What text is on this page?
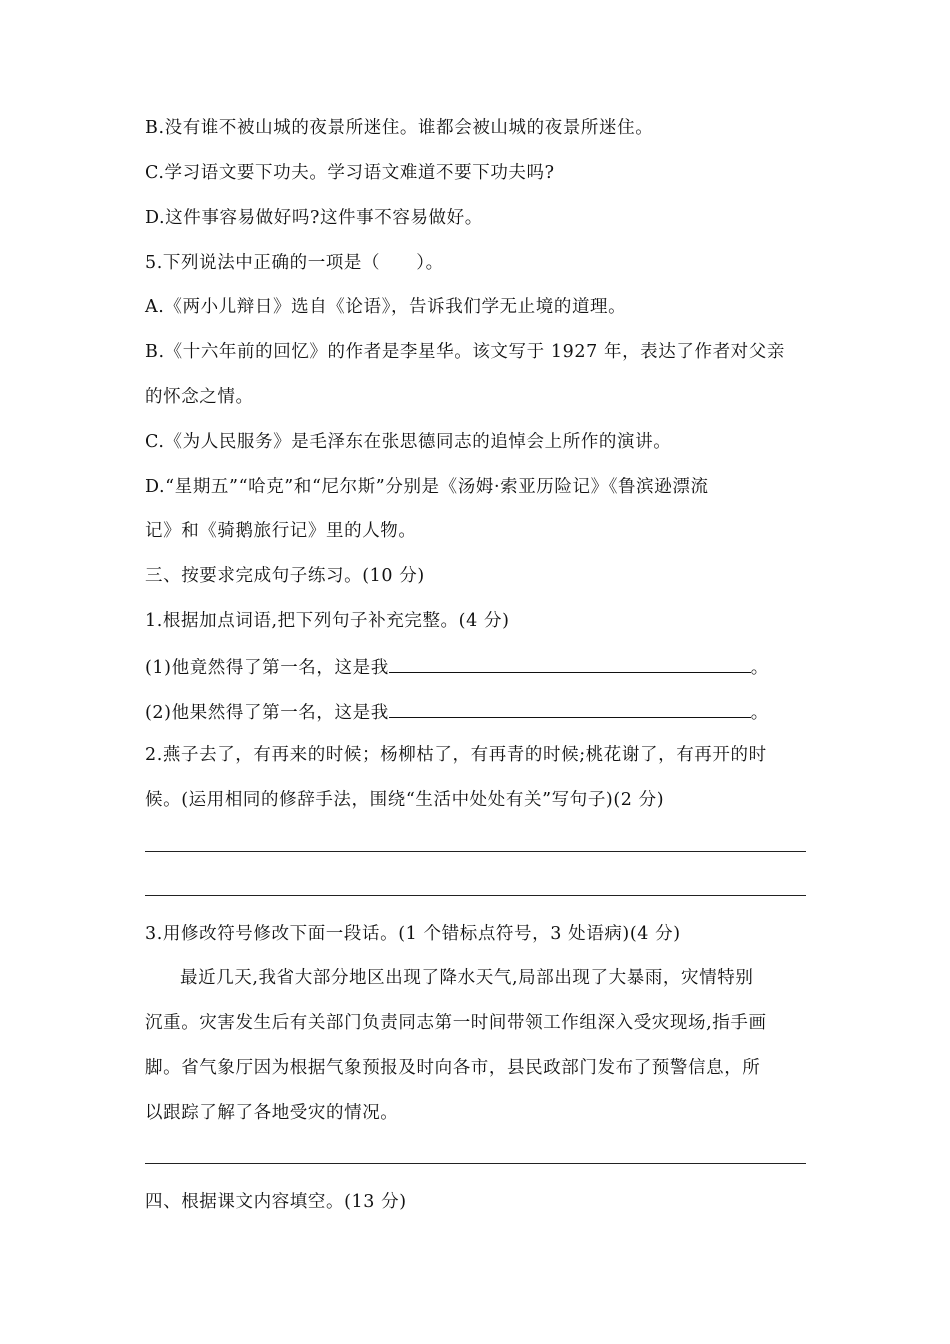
B.没有谁不被山城的夜景所迷住。谁都会被山城的夜景所迷住。
C.学习语文要下功夫。学习语文难道不要下功夫吗?
D.这件事容易做好吗?这件事不容易做好。
5.下列说法中正确的一项是（　　）。
A.《两小儿辩日》选自《论语》，告诉我们学无止境的道理。
B.《十六年前的回忆》的作者是李星华。该文写于 1927 年，表达了作者对父亲
的怀念之情。
C.《为人民服务》是毛泽东在张思德同志的追悼会上所作的演讲。
D.“星期五”“哈克”和“尼尔斯”分别是《汤姆·索亚历险记》《鲁滨逊漂流
记》和《骑鹅旅行记》里的人物。
三、按要求完成句子练习。(10 分)
1.根据加点词语,把下列句子补充完整。(4 分)
(1)他竟然得了第一名，这是我	。
(2)他果然得了第一名，这是我	。
2.燕子去了，有再来的时候；杨柳枯了，有再青的时候;桃花谢了，有再开的时
候。(运用相同的修辞手法，围绕“生活中处处有关”写句子)(2 分)
3.用修改符号修改下面一段话。(1 个错标点符号，3 处语病)(4 分)
最近几天,我省大部分地区出现了降水天气,局部出现了大暴雨，灾情特别
沉重。灾害发生后有关部门负责同志第一时间带领工作组深入受灾现场,指手画
脚。省气象厅因为根据气象预报及时向各市，县民政部门发布了预警信息，所
以跟踪了解了各地受灾的情况。
四、根据课文内容填空。(13 分)
